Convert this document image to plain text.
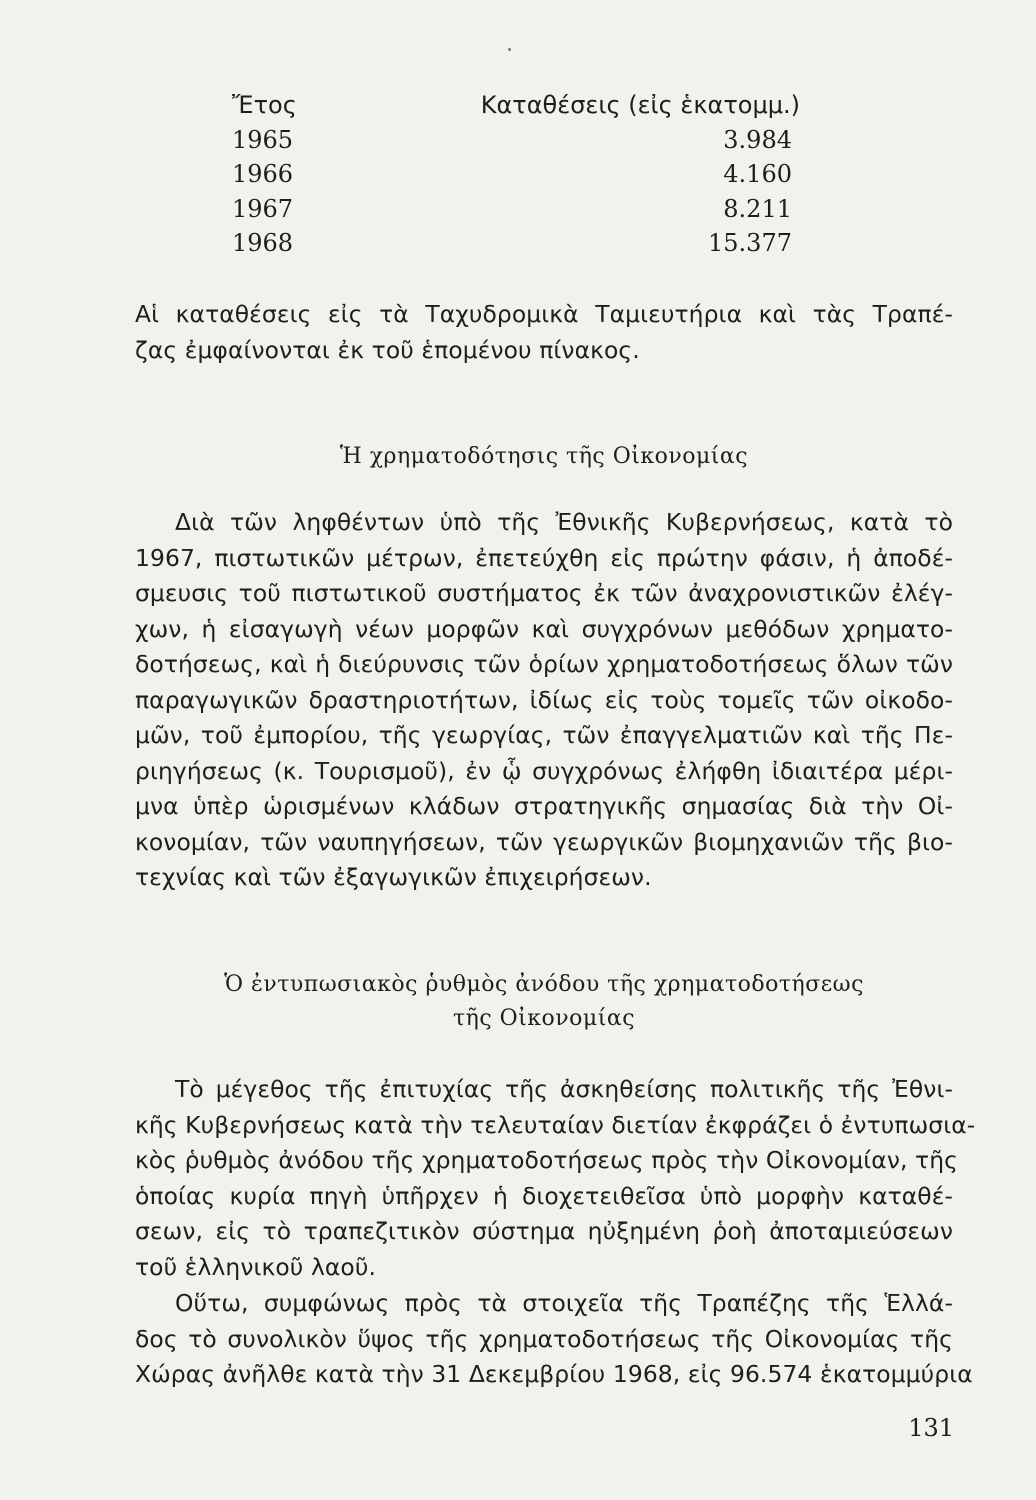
Ἔτος	Καταθέσεις (εἰς ἑκατομμ.)
1965	3.984
1966	4.160
1967	8.211
1968	15.377
Αἱ καταθέσεις εἰς τὰ Ταχυδρομικὰ Ταμιευτήρια καὶ τὰς Τραπέ-
ζας ἐμφαίνονται ἐκ τοῦ ἑπομένου πίνακος.
Ἡ χρηματοδότησις τῆς Οἰκονομίας
Διὰ τῶν ληφθέντων ὑπὸ τῆς Ἐθνικῆς Κυβερνήσεως, κατὰ τὸ
1967, πιστωτικῶν μέτρων, ἐπετεύχθη εἰς πρώτην φάσιν, ἡ ἀποδέ-
σμευσις τοῦ πιστωτικοῦ συστήματος ἐκ τῶν ἀναχρονιστικῶν ἐλέγ-
χων, ἡ εἰσαγωγὴ νέων μορφῶν καὶ συγχρόνων μεθόδων χρηματο-
δοτήσεως, καὶ ἡ διεύρυνσις τῶν ὁρίων χρηματοδοτήσεως ὅλων τῶν
παραγωγικῶν δραστηριοτήτων, ἰδίως εἰς τοὺς τομεῖς τῶν οἰκοδο-
μῶν, τοῦ ἐμπορίου, τῆς γεωργίας, τῶν ἐπαγγελματιῶν καὶ τῆς Πε-
ριηγήσεως (κ. Τουρισμοῦ), ἐν ᾧ συγχρόνως ἐλήφθη ἰδιαιτέρα μέρι-
μνα ὑπὲρ ὡρισμένων κλάδων στρατηγικῆς σημασίας διὰ τὴν Οἰ-
κονομίαν, τῶν ναυπηγήσεων, τῶν γεωργικῶν βιομηχανιῶν τῆς βιο-
τεχνίας καὶ τῶν ἐξαγωγικῶν ἐπιχειρήσεων.
Ὁ ἐντυπωσιακὸς ῥυθμὸς ἀνόδου τῆς χρηματοδοτήσεως
τῆς Οἰκονομίας
Τὸ μέγεθος τῆς ἐπιτυχίας τῆς ἀσκηθείσης πολιτικῆς τῆς Ἐθνι-
κῆς Κυβερνήσεως κατὰ τὴν τελευταίαν διετίαν ἐκφράζει ὁ ἐντυπωσια-
κὸς ῥυθμὸς ἀνόδου τῆς χρηματοδοτήσεως πρὸς τὴν Οἰκονομίαν, τῆς
ὁποίας κυρία πηγὴ ὑπῆρχεν ἡ διοχετειθεῖσα ὑπὸ μορφὴν καταθέ-
σεων, εἰς τὸ τραπεζιτικὸν σύστημα ηὐξημένη ῥοὴ ἀποταμιεύσεων
τοῦ ἑλληνικοῦ λαοῦ.
Οὕτω, συμφώνως πρὸς τὰ στοιχεῖα τῆς Τραπέζης τῆς Ἑλλά-
δος τὸ συνολικὸν ὕψος τῆς χρηματοδοτήσεως τῆς Οἰκονομίας τῆς
Χώρας ἀνῆλθε κατὰ τὴν 31 Δεκεμβρίου 1968, εἰς 96.574 ἑκατομμύρια
131
